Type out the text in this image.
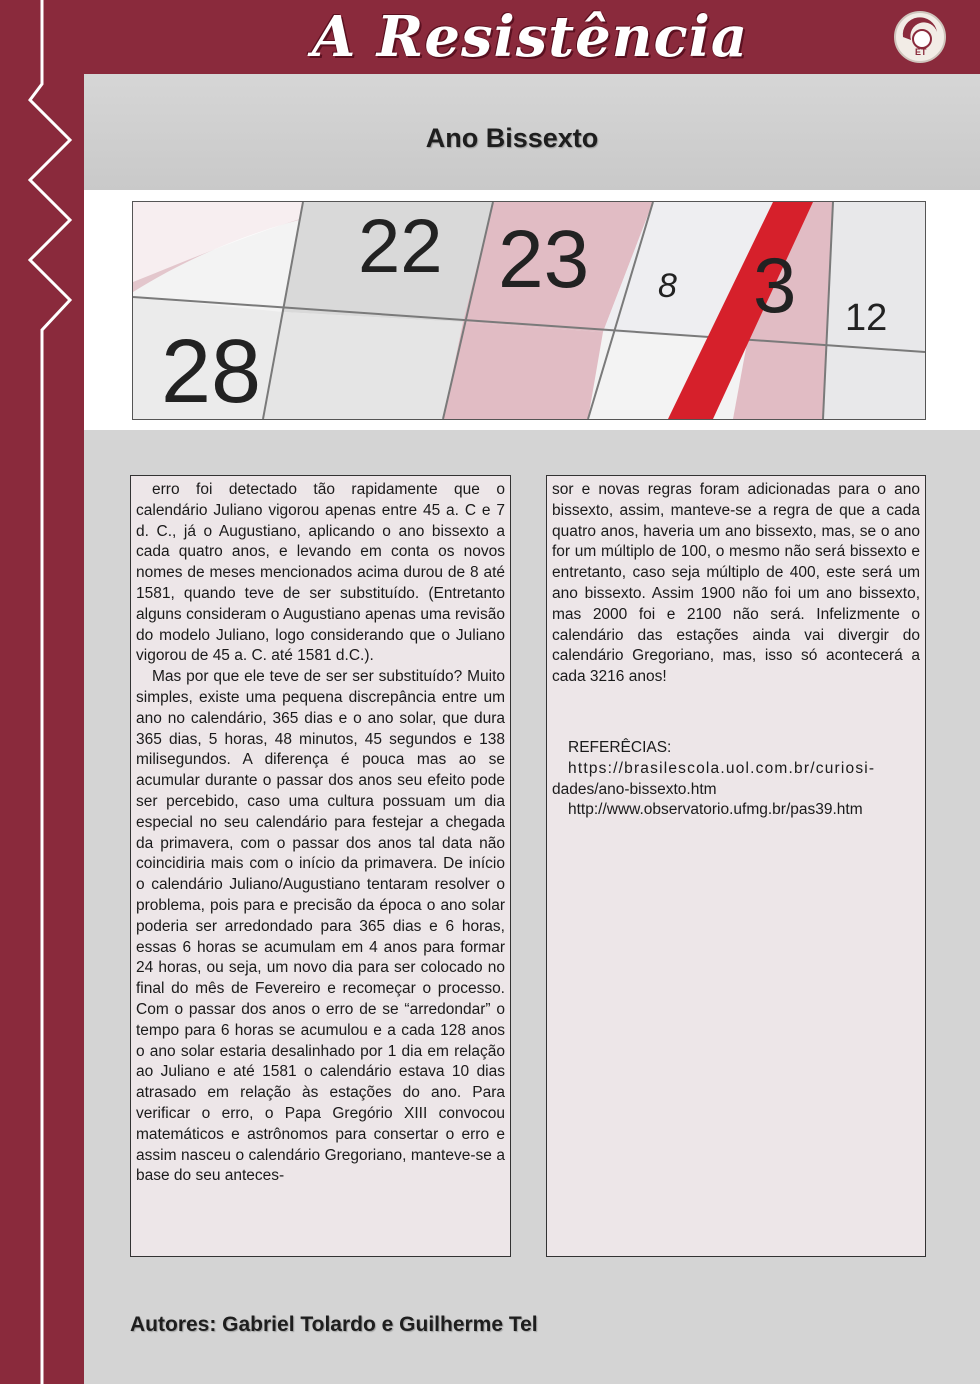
A Resistência	ET
Ano Bissexto
22 23 8 3 12
28

erro foi detectado tão rapidamente que o calendário Juliano vigorou apenas entre 45 a. C e 7 d. C., já o Augustiano, aplicando o ano bissexto a cada quatro anos, e levando em conta os novos nomes de meses mencionados acima durou de 8 até 1581, quando teve de ser substituído. (Entretanto alguns consideram o Augustiano apenas uma revisão do modelo Juliano, logo considerando que o Juliano vigorou de 45 a. C. até 1581 d.C.).

Mas por que ele teve de ser ser substituído? Muito simples, existe uma pequena discrepância entre um ano no calendário, 365 dias e o ano solar, que dura 365 dias, 5 horas, 48 minutos, 45 segundos e 138 milisegundos. A diferença é pouca mas ao se acumular durante o passar dos anos seu efeito pode ser percebido, caso uma cultura possuam um dia especial no seu calendário para festejar a chegada da primavera, com o passar dos anos tal data não coincidiria mais com o início da primavera. De início o calendário Juliano/Augustiano tentaram resolver o problema, pois para e precisão da época o ano solar poderia ser arredondado para 365 dias e 6 horas, essas 6 horas se acumulam em 4 anos para formar 24 horas, ou seja, um novo dia para ser colocado no final do mês de Fevereiro e recomeçar o processo. Com o passar dos anos o erro de se “arredondar” o tempo para 6 horas se acumulou e a cada 128 anos o ano solar estaria desalinhado por 1 dia em relação ao Juliano e até 1581 o calendário estava 10 dias atrasado em relação às estações do ano. Para verificar o erro, o Papa Gregório XIII convocou matemáticos e astrônomos para consertar o erro e assim nasceu o calendário Gregoriano, manteve-se a base do seu anteces-

sor e novas regras foram adicionadas para o ano bissexto, assim, manteve-se a regra de que a cada quatro anos, haveria um ano bissexto, mas, se o ano for um múltiplo de 100, o mesmo não será bissexto e entretanto, caso seja múltiplo de 400, este será um ano bissexto. Assim 1900 não foi um ano bissexto, mas 2000 foi e 2100 não será. Infelizmente o calendário das estações ainda vai divergir do calendário Gregoriano, mas, isso só acontecerá a cada 3216 anos!

REFERÊCIAS:
https://brasilescola.uol.com.br/curiosi-
dades/ano-bissexto.htm
http://www.observatorio.ufmg.br/pas39.htm
Autores: Gabriel Tolardo e Guilherme Tel
